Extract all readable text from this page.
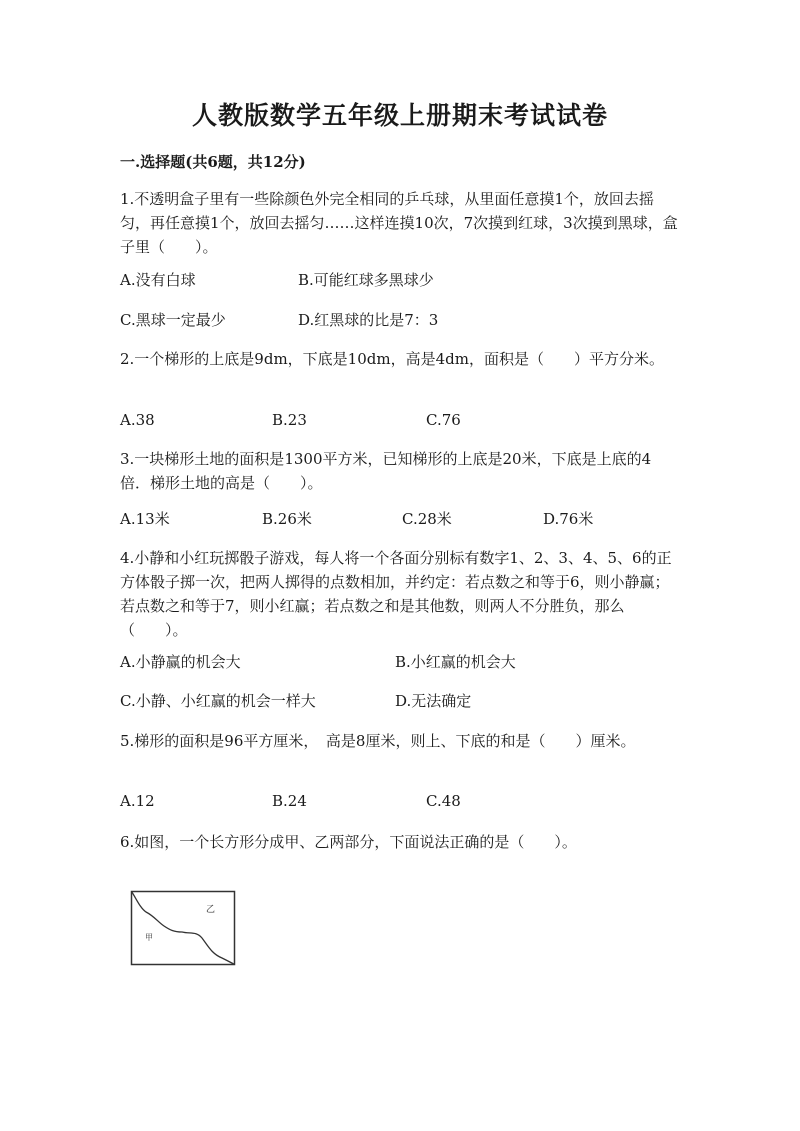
人教版数学五年级上册期末考试试卷
一.选择题(共6题，共12分)
1.不透明盒子里有一些除颜色外完全相同的乒乓球，从里面任意摸1个，放回去摇匀，再任意摸1个，放回去摇匀……这样连摸10次，7次摸到红球，3次摸到黑球，盒子里（　　）。
A.没有白球	B.可能红球多黑球少
C.黑球一定最少	D.红黑球的比是7：3
2.一个梯形的上底是9dm，下底是10dm，高是4dm，面积是（　　）平方分米。
A.38	B.23	C.76
3.一块梯形土地的面积是1300平方米，已知梯形的上底是20米，下底是上底的4倍．梯形土地的高是（　　）。
A.13米	B.26米	C.28米	D.76米
4.小静和小红玩掷骰子游戏，每人将一个各面分别标有数字1、2、3、4、5、6的正方体骰子掷一次，把两人掷得的点数相加，并约定：若点数之和等于6，则小静赢；若点数之和等于7，则小红赢；若点数之和是其他数，则两人不分胜负，那么（　　）。
A.小静赢的机会大	B.小红赢的机会大
C.小静、小红赢的机会一样大	D.无法确定
5.梯形的面积是96平方厘米，　高是8厘米，则上、下底的和是（　　）厘米。
A.12	B.24	C.48
6.如图，一个长方形分成甲、乙两部分，下面说法正确的是（　　）。
甲
乙
